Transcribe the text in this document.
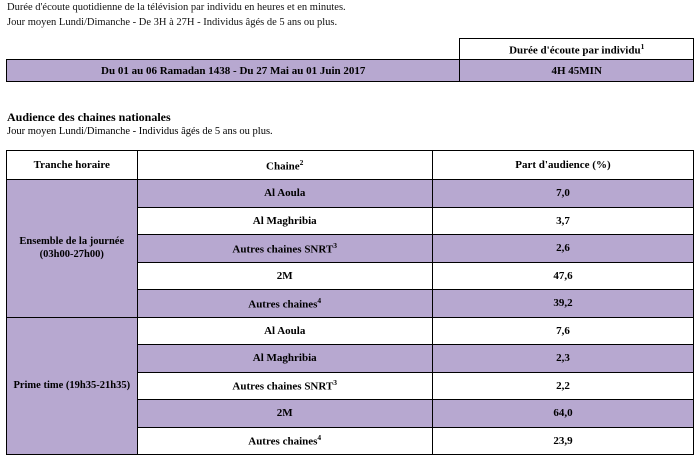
Durée d'écoute quotidienne de la télévision par individu en heures et en minutes.
Jour moyen Lundi/Dimanche - De 3H à 27H - Individus âgés de 5 ans ou plus.
	Durée d'écoute par individu$^1$
Du 01 au 06 Ramadan 1438 - Du 27 Mai au 01 Juin 2017	4H 45MIN
Audience des chaines nationales
Jour moyen Lundi/Dimanche - Individus âgés de 5 ans ou plus.
Tranche horaire	Chaine$^2$	Part d'audience (%)
Ensemble de la journée
(03h00-27h00)	Al Aoula	7,0
	Al Maghribia	3,7
	Autres chaines SNRT$^3$	2,6
	2M	47,6
	Autres chaines$^4$	39,2
Prime time (19h35-21h35)	Al Aoula	7,6
	Al Maghribia	2,3
	Autres chaines SNRT$^3$	2,2
	2M	64,0
	Autres chaines$^4$	23,9
